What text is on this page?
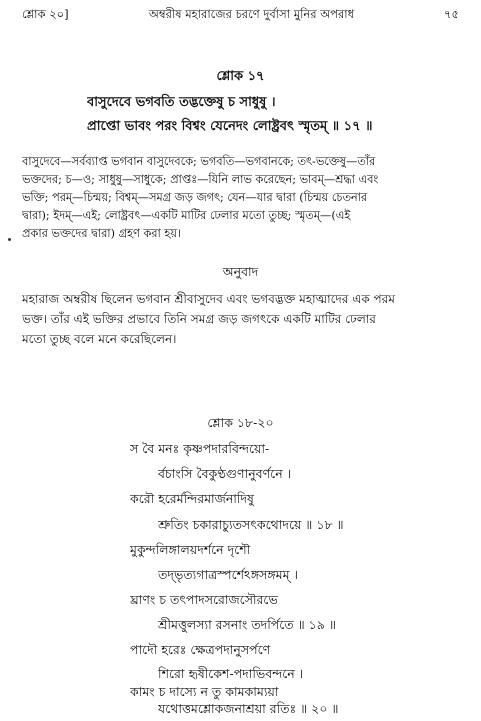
শ্লোক ২০]	অম্বরীষ মহারাজের চরণে দুর্বাসা মুনির অপরাধ	৭৫
শ্লোক ১৭
বাসুদেবে ভগবতি তদ্ভক্তেষু চ সাধুষু ।
প্রাপ্তো ভাবং পরং বিশ্বং যেনেদং লোষ্ট্রবৎ স্মৃতম্ ॥ ১৭ ॥

বাসুদেবে—সর্বব্যাপ্ত ভগবান বাসুদেবকে; ভগবতি—ভগবানকে; তৎ-ভক্তেষু—তাঁর

ভক্তদের; চ—ও; সাধুষু—সাধুকে; প্রাপ্তঃ—যিনি লাভ করেছেন; ভাবম্—শ্রদ্ধা এবং

ভক্তি; পরম্—চিন্ময়; বিশ্বম্—সমগ্র জড় জগৎ; যেন—যার দ্বারা (চিন্ময় চেতনার

দ্বারা); ইদম্—এই; লোষ্ট্রবৎ—একটি মাটির ঢেলার মতো তুচ্ছ; স্মৃতম্—(এই

প্রকার ভক্তদের দ্বারা) গ্রহণ করা হয়।

অনুবাদ

মহারাজ অম্বরীষ ছিলেন ভগবান শ্রীবাসুদেব এবং ভগবদ্ভক্ত মহাত্মাদের এক পরম

ভক্ত। তাঁর এই ভক্তির প্রভাবে তিনি সমগ্র জড় জগৎকে একটি মাটির ঢেলার

মতো তুচ্ছ বলে মনে করেছিলেন।

শ্লোক ১৮-২০
স বৈ মনঃ কৃষ্ণপদারবিন্দয়ো-
র্বচাংসি বৈকুণ্ঠগুণানুবর্ণনে ।
করৌ হরের্মন্দিরমার্জনাদিষু
শ্রুতিং চকারাচ্যুতসৎকথোদয়ে ॥ ১৮ ॥
মুকুন্দলিঙ্গালয়দর্শনে দৃশৌ
তদ্‌ভৃত্যগাত্রস্পর্শেঽঙ্গসঙ্গমম্ ।
ঘ্রাণং চ তৎপাদসরোজসৌরভে
শ্রীমত্তুলস্যা রসনাং তদর্পিতে ॥ ১৯ ॥
পাদৌ হরেঃ ক্ষেত্রপদানুসর্পণে
শিরো হৃষীকেশ-পদাভিবন্দনে ।
কামং চ দাস্যে ন তু কামকাম্যয়া
যথোত্তমশ্লোকজনাশ্রয়া রতিঃ ॥ ২০ ॥
